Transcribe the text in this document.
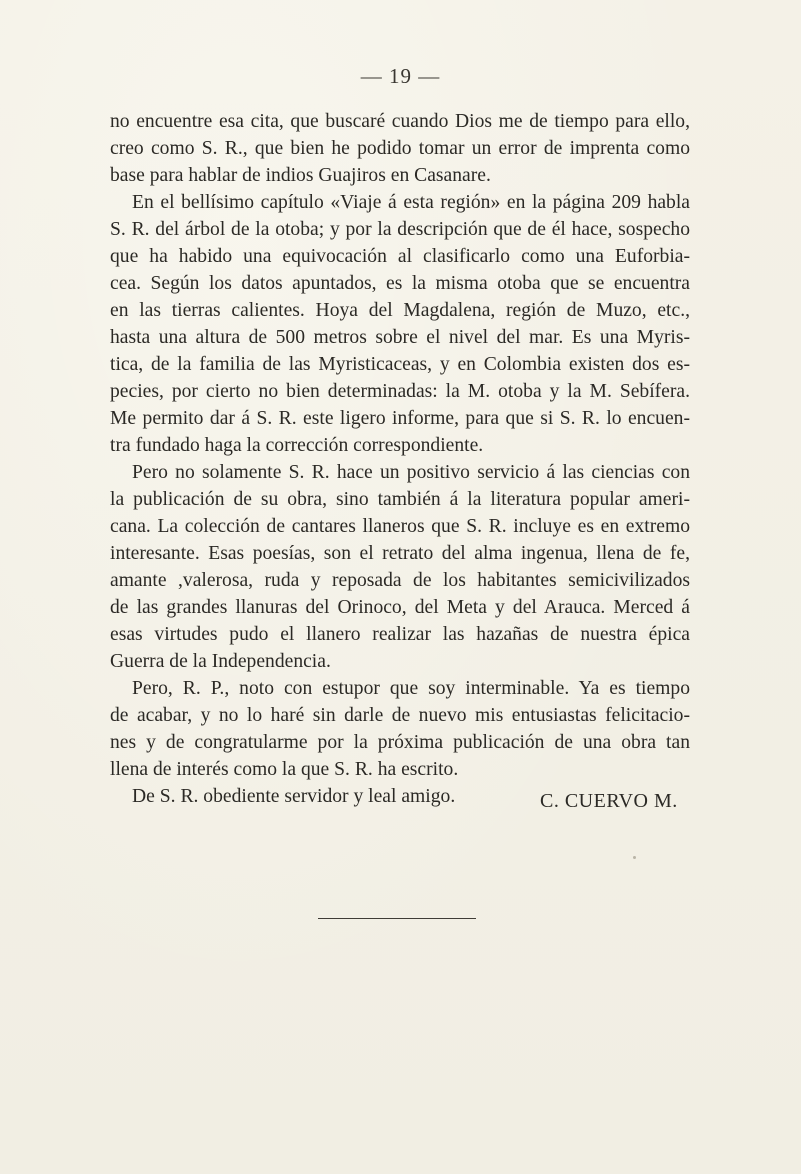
— 19 —
no encuentre esa cita, que buscaré cuando Dios me de tiempo para ello,
creo como S. R., que bien he podido tomar un error de imprenta como
base para hablar de indios Guajiros en Casanare.
En el bellísimo capítulo «Viaje á esta región» en la página 209 habla
S. R. del árbol de la otoba; y por la descripción que de él hace, sospecho
que ha habido una equivocación al clasificarlo como una Euforbia-
cea. Según los datos apuntados, es la misma otoba que se encuentra
en las tierras calientes. Hoya del Magdalena, región de Muzo, etc.,
hasta una altura de 500 metros sobre el nivel del mar. Es una Myris-
tica, de la familia de las Myristicaceas, y en Colombia existen dos es-
pecies, por cierto no bien determinadas: la M. otoba y la M. Sebífera.
Me permito dar á S. R. este ligero informe, para que si S. R. lo encuen-
tra fundado haga la corrección correspondiente.
Pero no solamente S. R. hace un positivo servicio á las ciencias con
la publicación de su obra, sino también á la literatura popular ameri-
cana. La colección de cantares llaneros que S. R. incluye es en extremo
interesante. Esas poesías, son el retrato del alma ingenua, llena de fe,
amante ,valerosa, ruda y reposada de los habitantes semicivilizados
de las grandes llanuras del Orinoco, del Meta y del Arauca. Merced á
esas virtudes pudo el llanero realizar las hazañas de nuestra épica
Guerra de la Independencia.
Pero, R. P., noto con estupor que soy interminable. Ya es tiempo
de acabar, y no lo haré sin darle de nuevo mis entusiastas felicitacio-
nes y de congratularme por la próxima publicación de una obra tan
llena de interés como la que S. R. ha escrito.
De S. R. obediente servidor y leal amigo.	C. CUERVO M.
